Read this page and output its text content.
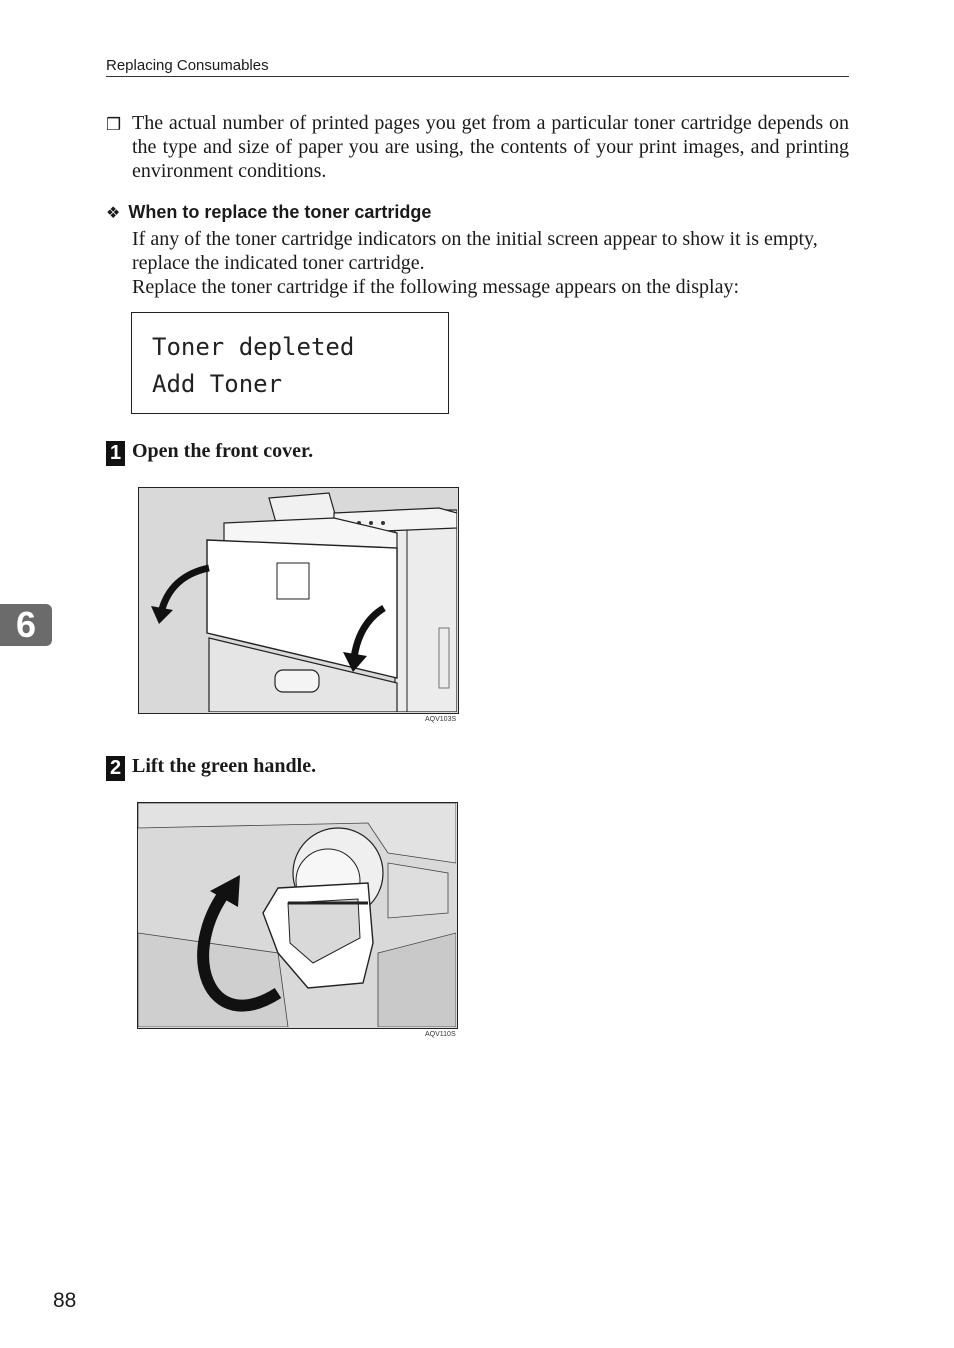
Replacing Consumables
❒ The actual number of printed pages you get from a particular toner cartridge depends on the type and size of paper you are using, the contents of your print images, and printing environment conditions.
❖ When to replace the toner cartridge
If any of the toner cartridge indicators on the initial screen appear to show it is empty, replace the indicated toner cartridge.
Replace the toner cartridge if the following message appears on the display:
Toner depleted
Add Toner
1 Open the front cover.
AQV103S
2 Lift the green handle.
AQV110S
6
88
